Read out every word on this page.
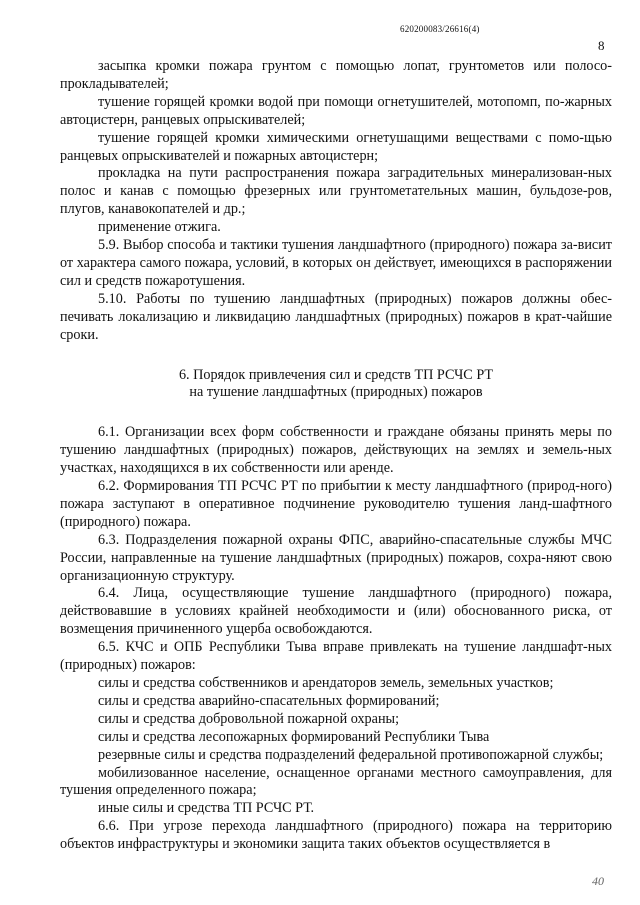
620200083/26616(4)
8

засыпка кромки пожара грунтом с помощью лопат, грунтометов или полосо-прокладывателей;

тушение горящей кромки водой при помощи огнетушителей, мотопомп, по-жарных автоцистерн, ранцевых опрыскивателей;

тушение горящей кромки химическими огнетушащими веществами с помо-щью ранцевых опрыскивателей и пожарных автоцистерн;

прокладка на пути распространения пожара заградительных минерализован-ных полос и канав с помощью фрезерных или грунтометательных машин, бульдозе-ров, плугов, канавокопателей и др.;

применение отжига.

5.9. Выбор способа и тактики тушения ландшафтного (природного) пожара за-висит от характера самого пожара, условий, в которых он действует, имеющихся в распоряжении сил и средств пожаротушения.

5.10. Работы по тушению ландшафтных (природных) пожаров должны обес-печивать локализацию и ликвидацию ландшафтных (природных) пожаров в крат-чайшие сроки.

6. Порядок привлечения сил и средств ТП РСЧС РТ
на тушение ландшафтных (природных) пожаров

6.1. Организации всех форм собственности и граждане обязаны принять меры по тушению ландшафтных (природных) пожаров, действующих на землях и земель-ных участках, находящихся в их собственности или аренде.

6.2. Формирования ТП РСЧС РТ по прибытии к месту ландшафтного (природ-ного) пожара заступают в оперативное подчинение руководителю тушения ланд-шафтного (природного) пожара.

6.3. Подразделения пожарной охраны ФПС, аварийно-спасательные службы МЧС России, направленные на тушение ландшафтных (природных) пожаров, сохра-няют свою организационную структуру.

6.4. Лица, осуществляющие тушение ландшафтного (природного) пожара, действовавшие в условиях крайней необходимости и (или) обоснованного риска, от возмещения причиненного ущерба освобождаются.

6.5. КЧС и ОПБ Республики Тыва вправе привлекать на тушение ландшафт-ных (природных) пожаров:

силы и средства собственников и арендаторов земель, земельных участков;

силы и средства аварийно-спасательных формирований;

силы и средства добровольной пожарной охраны;

силы и средства лесопожарных формирований Республики Тыва

резервные силы и средства подразделений федеральной противопожарной службы;

мобилизованное население, оснащенное органами местного самоуправления, для тушения определенного пожара;

иные силы и средства ТП РСЧС РТ.

6.6. При угрозе перехода ландшафтного (природного) пожара на территорию объектов инфраструктуры и экономики защита таких объектов осуществляется в

40
